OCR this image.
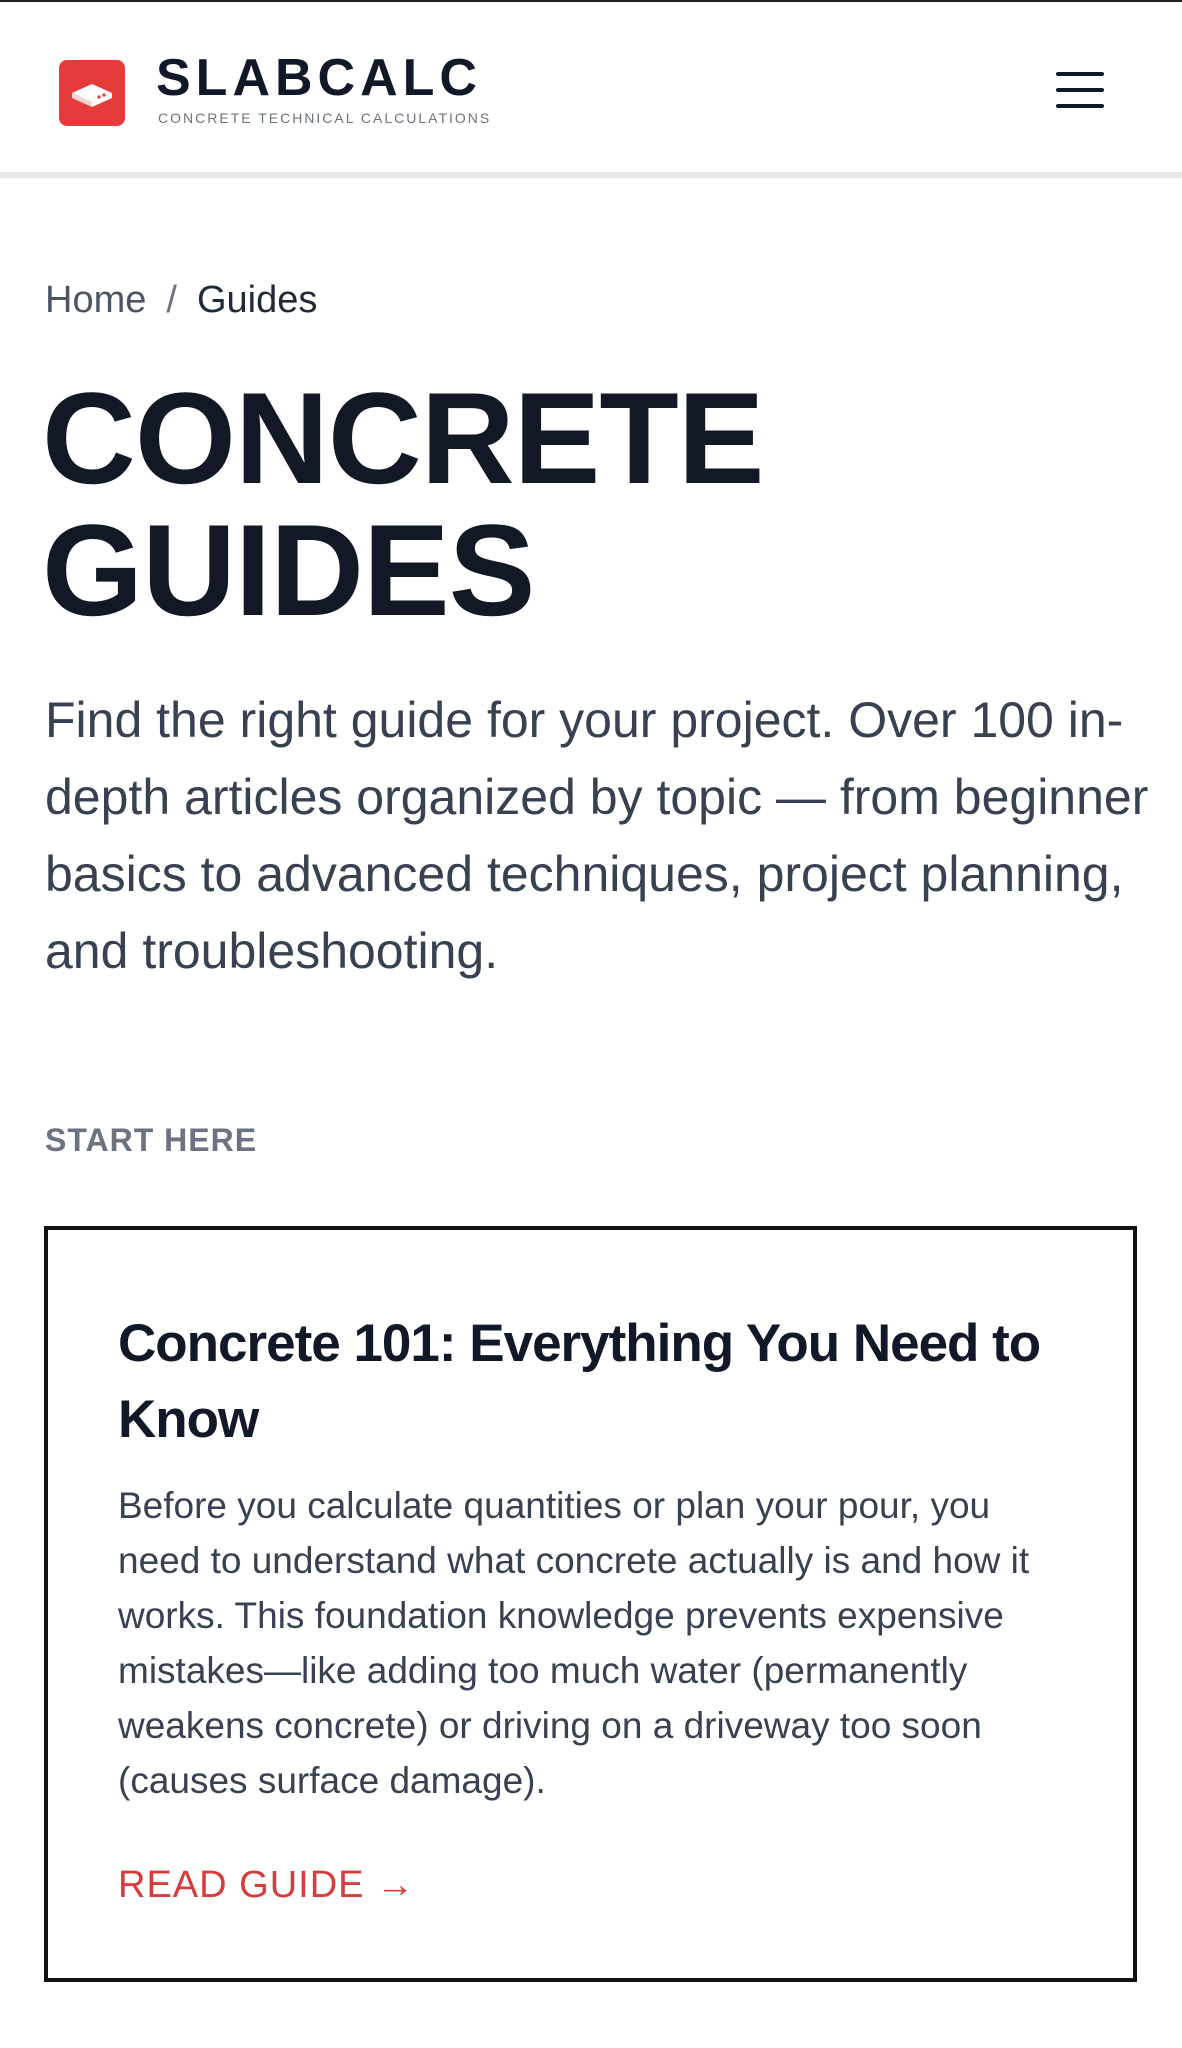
SLABCALC
CONCRETE TECHNICAL CALCULATIONS
Home / Guides
CONCRETE
GUIDES

Find the right guide for your project. Over 100 in-depth articles organized by topic — from beginner basics to advanced techniques, project planning, and troubleshooting.

START HERE
Concrete 101: Everything You Need to Know

Before you calculate quantities or plan your pour, you need to understand what concrete actually is and how it works. This foundation knowledge prevents expensive mistakes—like adding too much water (permanently weakens concrete) or driving on a driveway too soon (causes surface damage).

READ GUIDE →
